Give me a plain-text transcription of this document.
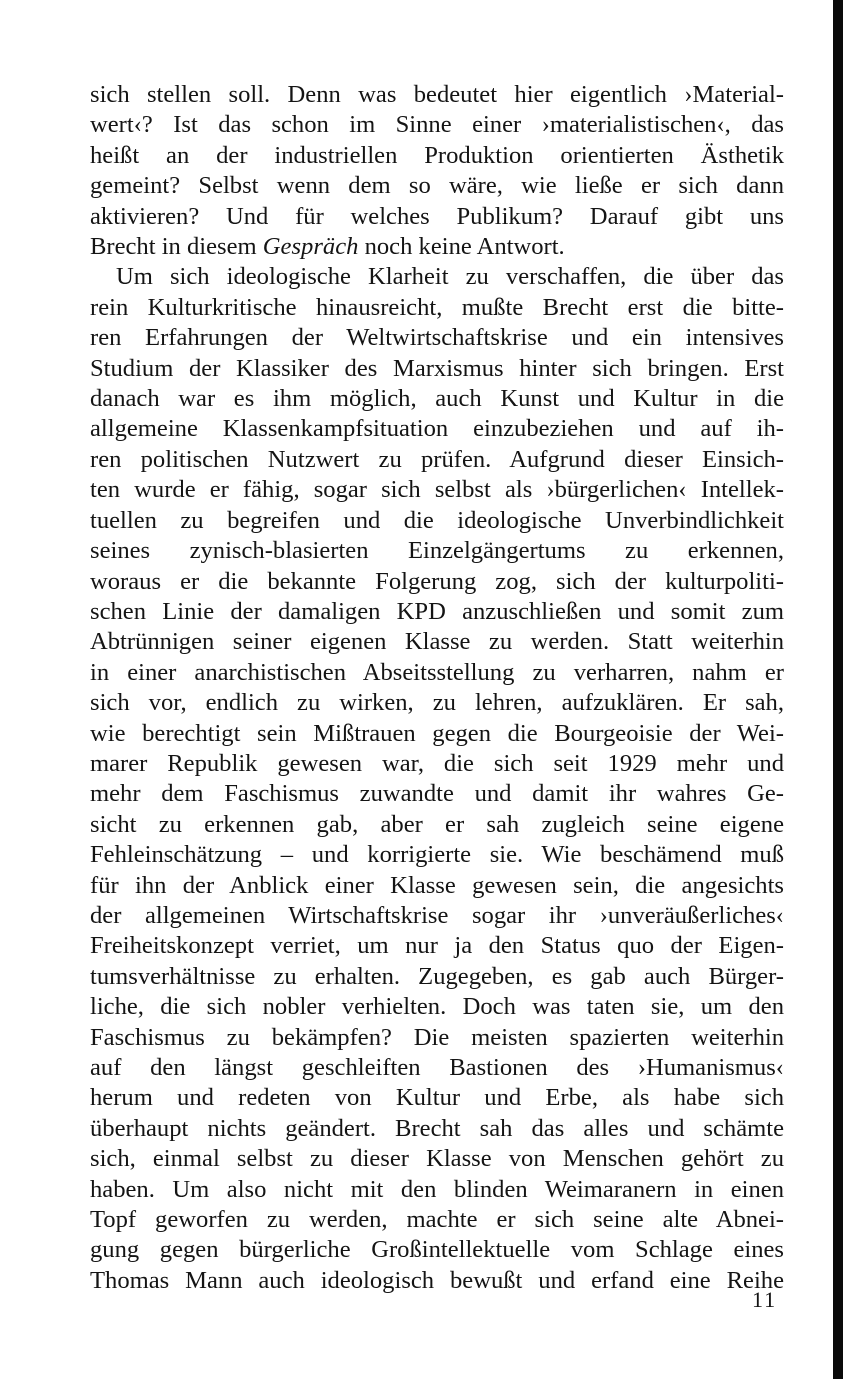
sich stellen soll. Denn was bedeutet hier eigentlich ›Material-
wert‹? Ist das schon im Sinne einer ›materialistischen‹, das
heißt an der industriellen Produktion orientierten Ästhetik
gemeint? Selbst wenn dem so wäre, wie ließe er sich dann
aktivieren? Und für welches Publikum? Darauf gibt uns
Brecht in diesem Gespräch noch keine Antwort.
Um sich ideologische Klarheit zu verschaffen, die über das
rein Kulturkritische hinausreicht, mußte Brecht erst die bitte-
ren Erfahrungen der Weltwirtschaftskrise und ein intensives
Studium der Klassiker des Marxismus hinter sich bringen. Erst
danach war es ihm möglich, auch Kunst und Kultur in die
allgemeine Klassenkampfsituation einzubeziehen und auf ih-
ren politischen Nutzwert zu prüfen. Aufgrund dieser Einsich-
ten wurde er fähig, sogar sich selbst als ›bürgerlichen‹ Intellek-
tuellen zu begreifen und die ideologische Unverbindlichkeit
seines zynisch-blasierten Einzelgängertums zu erkennen,
woraus er die bekannte Folgerung zog, sich der kulturpoliti-
schen Linie der damaligen KPD anzuschließen und somit zum
Abtrünnigen seiner eigenen Klasse zu werden. Statt weiterhin
in einer anarchistischen Abseitsstellung zu verharren, nahm er
sich vor, endlich zu wirken, zu lehren, aufzuklären. Er sah,
wie berechtigt sein Mißtrauen gegen die Bourgeoisie der Wei-
marer Republik gewesen war, die sich seit 1929 mehr und
mehr dem Faschismus zuwandte und damit ihr wahres Ge-
sicht zu erkennen gab, aber er sah zugleich seine eigene
Fehleinschätzung – und korrigierte sie. Wie beschämend muß
für ihn der Anblick einer Klasse gewesen sein, die angesichts
der allgemeinen Wirtschaftskrise sogar ihr ›unveräußerliches‹
Freiheitskonzept verriet, um nur ja den Status quo der Eigen-
tumsverhältnisse zu erhalten. Zugegeben, es gab auch Bürger-
liche, die sich nobler verhielten. Doch was taten sie, um den
Faschismus zu bekämpfen? Die meisten spazierten weiterhin
auf den längst geschleiften Bastionen des ›Humanismus‹
herum und redeten von Kultur und Erbe, als habe sich
überhaupt nichts geändert. Brecht sah das alles und schämte
sich, einmal selbst zu dieser Klasse von Menschen gehört zu
haben. Um also nicht mit den blinden Weimaranern in einen
Topf geworfen zu werden, machte er sich seine alte Abnei-
gung gegen bürgerliche Großintellektuelle vom Schlage eines
Thomas Mann auch ideologisch bewußt und erfand eine Reihe
11
